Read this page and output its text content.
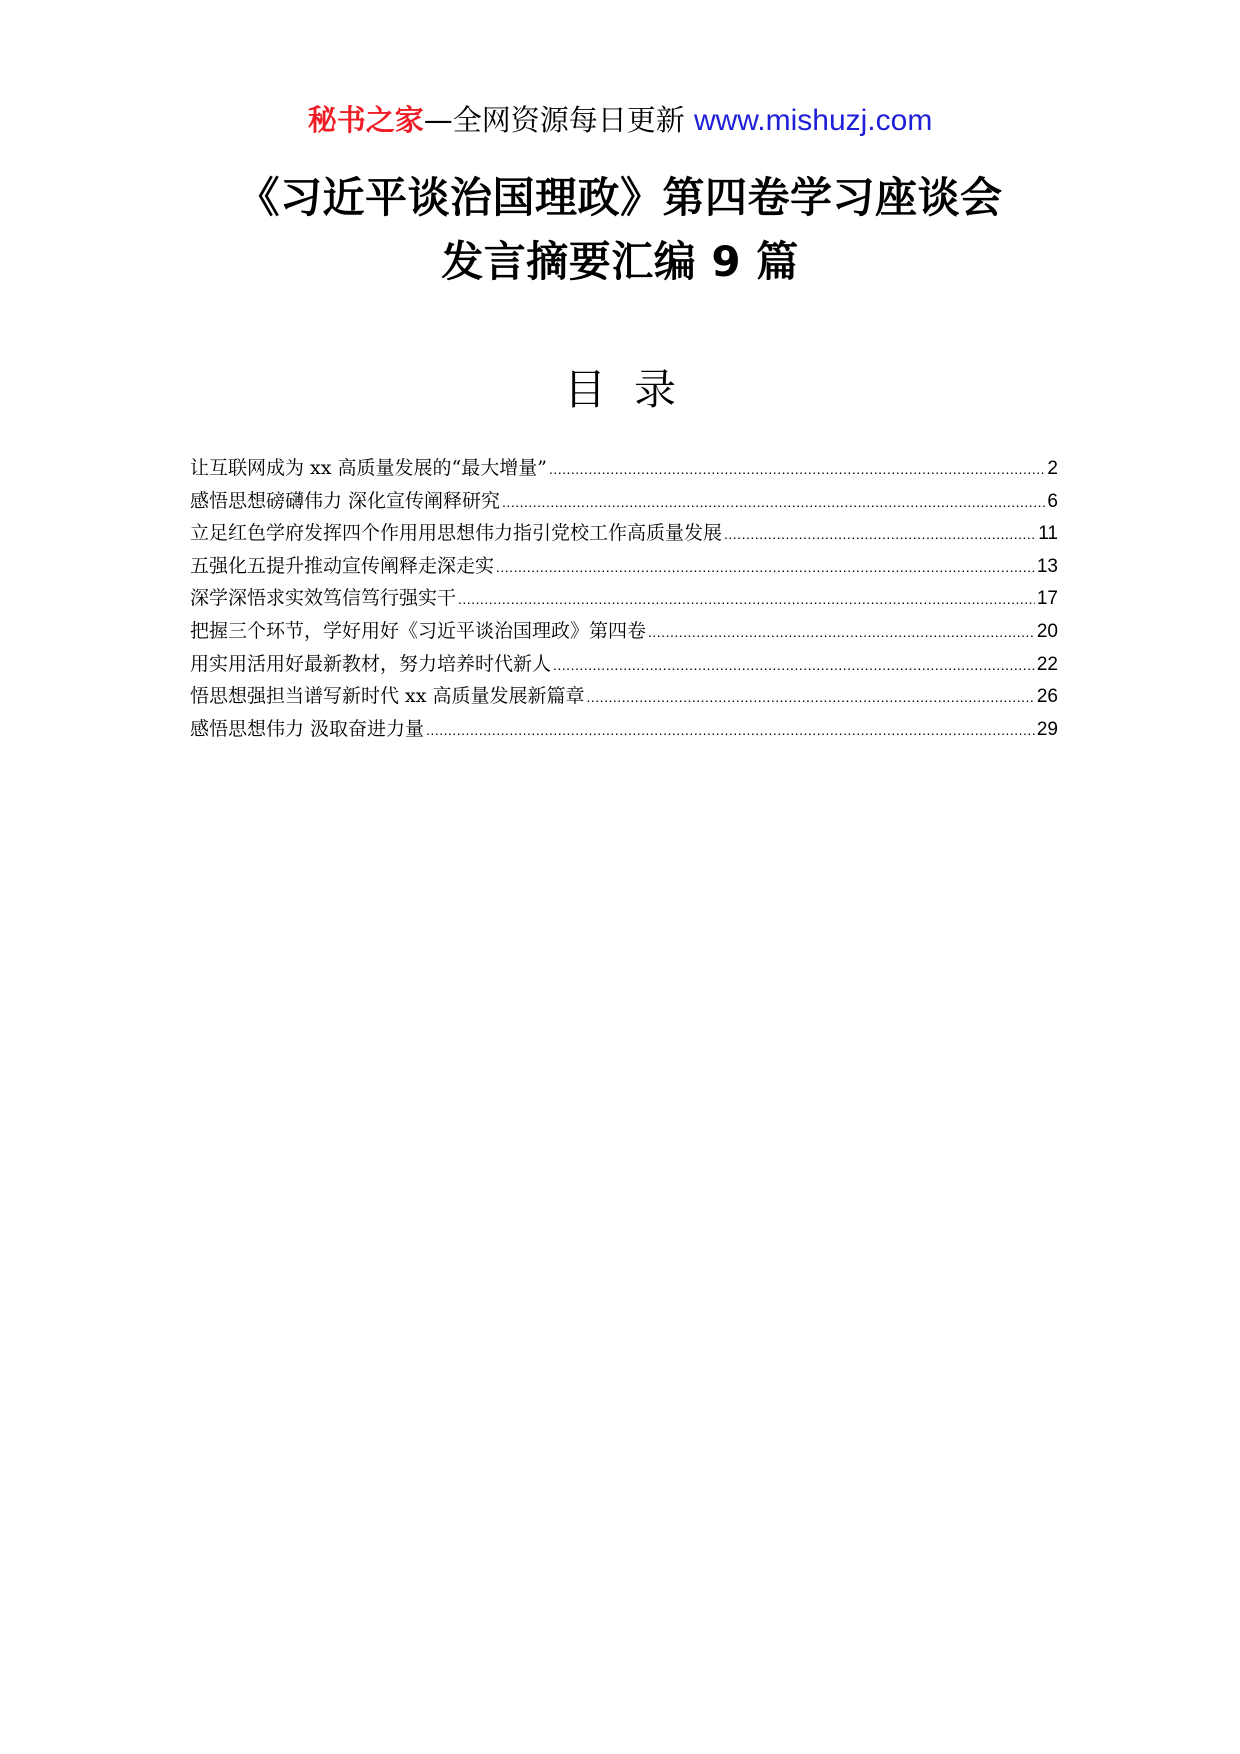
秘书之家—全网资源每日更新 www.mishuzj.com
《习近平谈治国理政》第四卷学习座谈会
发言摘要汇编 9 篇
目录
让互联网成为 xx 高质量发展的“最大增量” .....	2
感悟思想磅礴伟力 深化宣传阐释研究 .....	6
立足红色学府发挥四个作用用思想伟力指引党校工作高质量发展 .....	11
五强化五提升推动宣传阐释走深走实 .....	13
深学深悟求实效笃信笃行强实干 .....	17
把握三个环节，学好用好《习近平谈治国理政》第四卷 .....	20
用实用活用好最新教材，努力培养时代新人 .....	22
悟思想强担当谱写新时代 xx 高质量发展新篇章 .....	26
感悟思想伟力 汲取奋进力量 .....	29
